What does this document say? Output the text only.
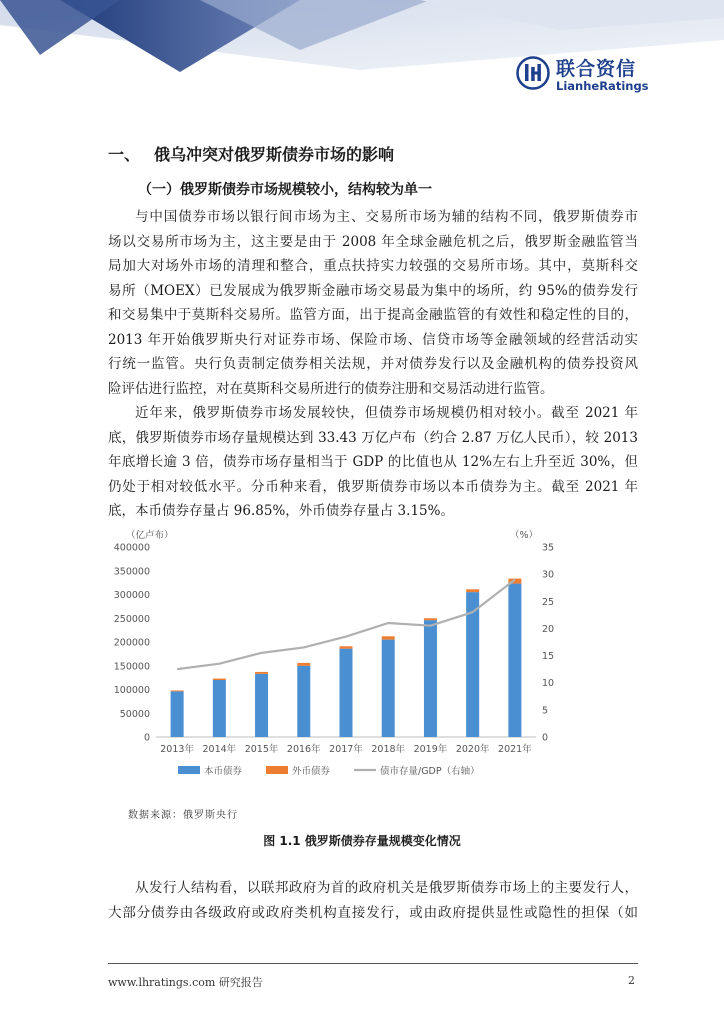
联合资信
LianheRatings
一、 俄乌冲突对俄罗斯债券市场的影响
（一）俄罗斯债券市场规模较小，结构较为单一
与中国债券市场以银行间市场为主、交易所市场为辅的结构不同，俄罗斯债券市
场以交易所市场为主，这主要是由于 2008 年全球金融危机之后，俄罗斯金融监管当
局加大对场外市场的清理和整合，重点扶持实力较强的交易所市场。其中，莫斯科交
易所（MOEX）已发展成为俄罗斯金融市场交易最为集中的场所，约 95%的债券发行
和交易集中于莫斯科交易所。监管方面，出于提高金融监管的有效性和稳定性的目的，
2013 年开始俄罗斯央行对证券市场、保险市场、信贷市场等金融领域的经营活动实
行统一监管。央行负责制定债券相关法规，并对债券发行以及金融机构的债券投资风
险评估进行监控，对在莫斯科交易所进行的债券注册和交易活动进行监管。
近年来，俄罗斯债券市场发展较快，但债券市场规模仍相对较小。截至 2021 年
底，俄罗斯债券市场存量规模达到 33.43 万亿卢布（约合 2.87 万亿人民币），较 2013
年底增长逾 3 倍，债券市场存量相当于 GDP 的比值也从 12%左右上升至近 30%，但
仍处于相对较低水平。分币种来看，俄罗斯债券市场以本币债券为主。截至 2021 年
底，本币债券存量占 96.85%，外币债券存量占 3.15%。
（亿卢布）	（%）
0
50000
100000
150000
200000
250000
300000
350000
400000
0
5
10
15
20
25
30
35
2013年 2014年 2015年 2016年 2017年 2018年 2019年 2020年 2021年
本币债券	外币债券	债市存量/GDP（右轴）
数据来源：俄罗斯央行
图 1.1 俄罗斯债券存量规模变化情况
从发行人结构看，以联邦政府为首的政府机关是俄罗斯债券市场上的主要发行人，
大部分债券由各级政府或政府类机构直接发行，或由政府提供显性或隐性的担保（如
www.lhratings.com 研究报告	2
